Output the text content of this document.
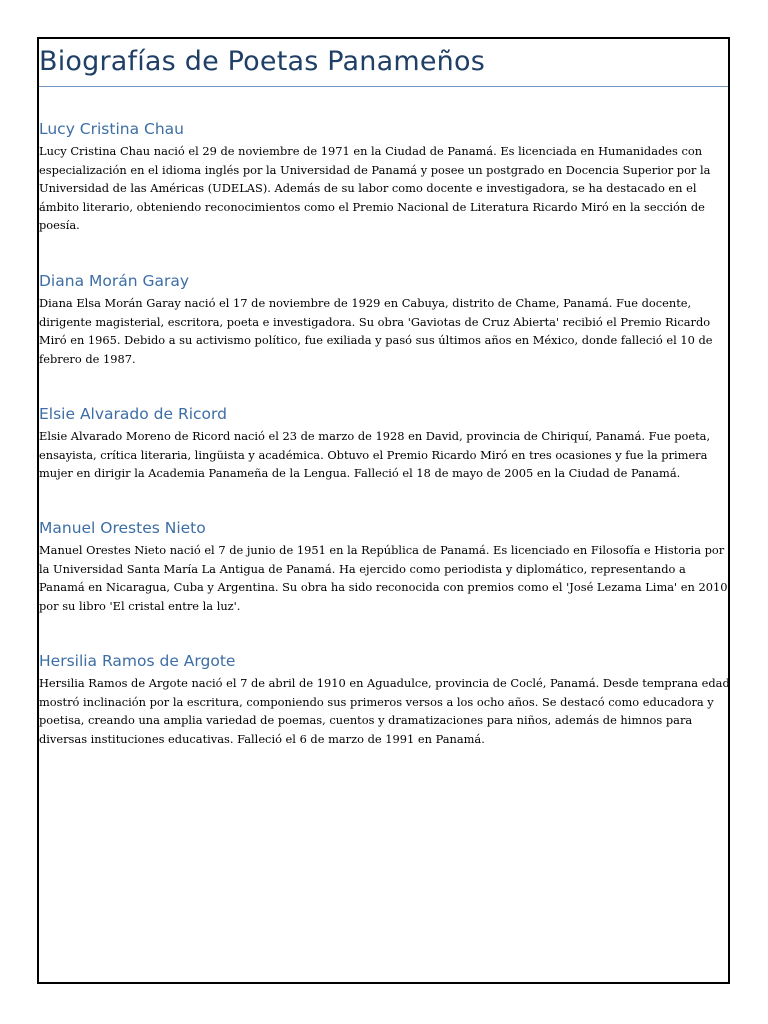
Biografías de Poetas Panameños
Lucy Cristina Chau

Lucy Cristina Chau nació el 29 de noviembre de 1971 en la Ciudad de Panamá. Es licenciada en Humanidades con especialización en el idioma inglés por la Universidad de Panamá y posee un postgrado en Docencia Superior por la Universidad de las Américas (UDELAS). Además de su labor como docente e investigadora, se ha destacado en el ámbito literario, obteniendo reconocimientos como el Premio Nacional de Literatura Ricardo Miró en la sección de poesía.

Diana Morán Garay

Diana Elsa Morán Garay nació el 17 de noviembre de 1929 en Cabuya, distrito de Chame, Panamá. Fue docente, dirigente magisterial, escritora, poeta e investigadora. Su obra 'Gaviotas de Cruz Abierta' recibió el Premio Ricardo Miró en 1965. Debido a su activismo político, fue exiliada y pasó sus últimos años en México, donde falleció el 10 de febrero de 1987.

Elsie Alvarado de Ricord

Elsie Alvarado Moreno de Ricord nació el 23 de marzo de 1928 en David, provincia de Chiriquí, Panamá. Fue poeta, ensayista, crítica literaria, lingüista y académica. Obtuvo el Premio Ricardo Miró en tres ocasiones y fue la primera mujer en dirigir la Academia Panameña de la Lengua. Falleció el 18 de mayo de 2005 en la Ciudad de Panamá.

Manuel Orestes Nieto

Manuel Orestes Nieto nació el 7 de junio de 1951 en la República de Panamá. Es licenciado en Filosofía e Historia por la Universidad Santa María La Antigua de Panamá. Ha ejercido como periodista y diplomático, representando a Panamá en Nicaragua, Cuba y Argentina. Su obra ha sido reconocida con premios como el 'José Lezama Lima' en 2010 por su libro 'El cristal entre la luz'.

Hersilia Ramos de Argote

Hersilia Ramos de Argote nació el 7 de abril de 1910 en Aguadulce, provincia de Coclé, Panamá. Desde temprana edad mostró inclinación por la escritura, componiendo sus primeros versos a los ocho años. Se destacó como educadora y poetisa, creando una amplia variedad de poemas, cuentos y dramatizaciones para niños, además de himnos para diversas instituciones educativas. Falleció el 6 de marzo de 1991 en Panamá.
